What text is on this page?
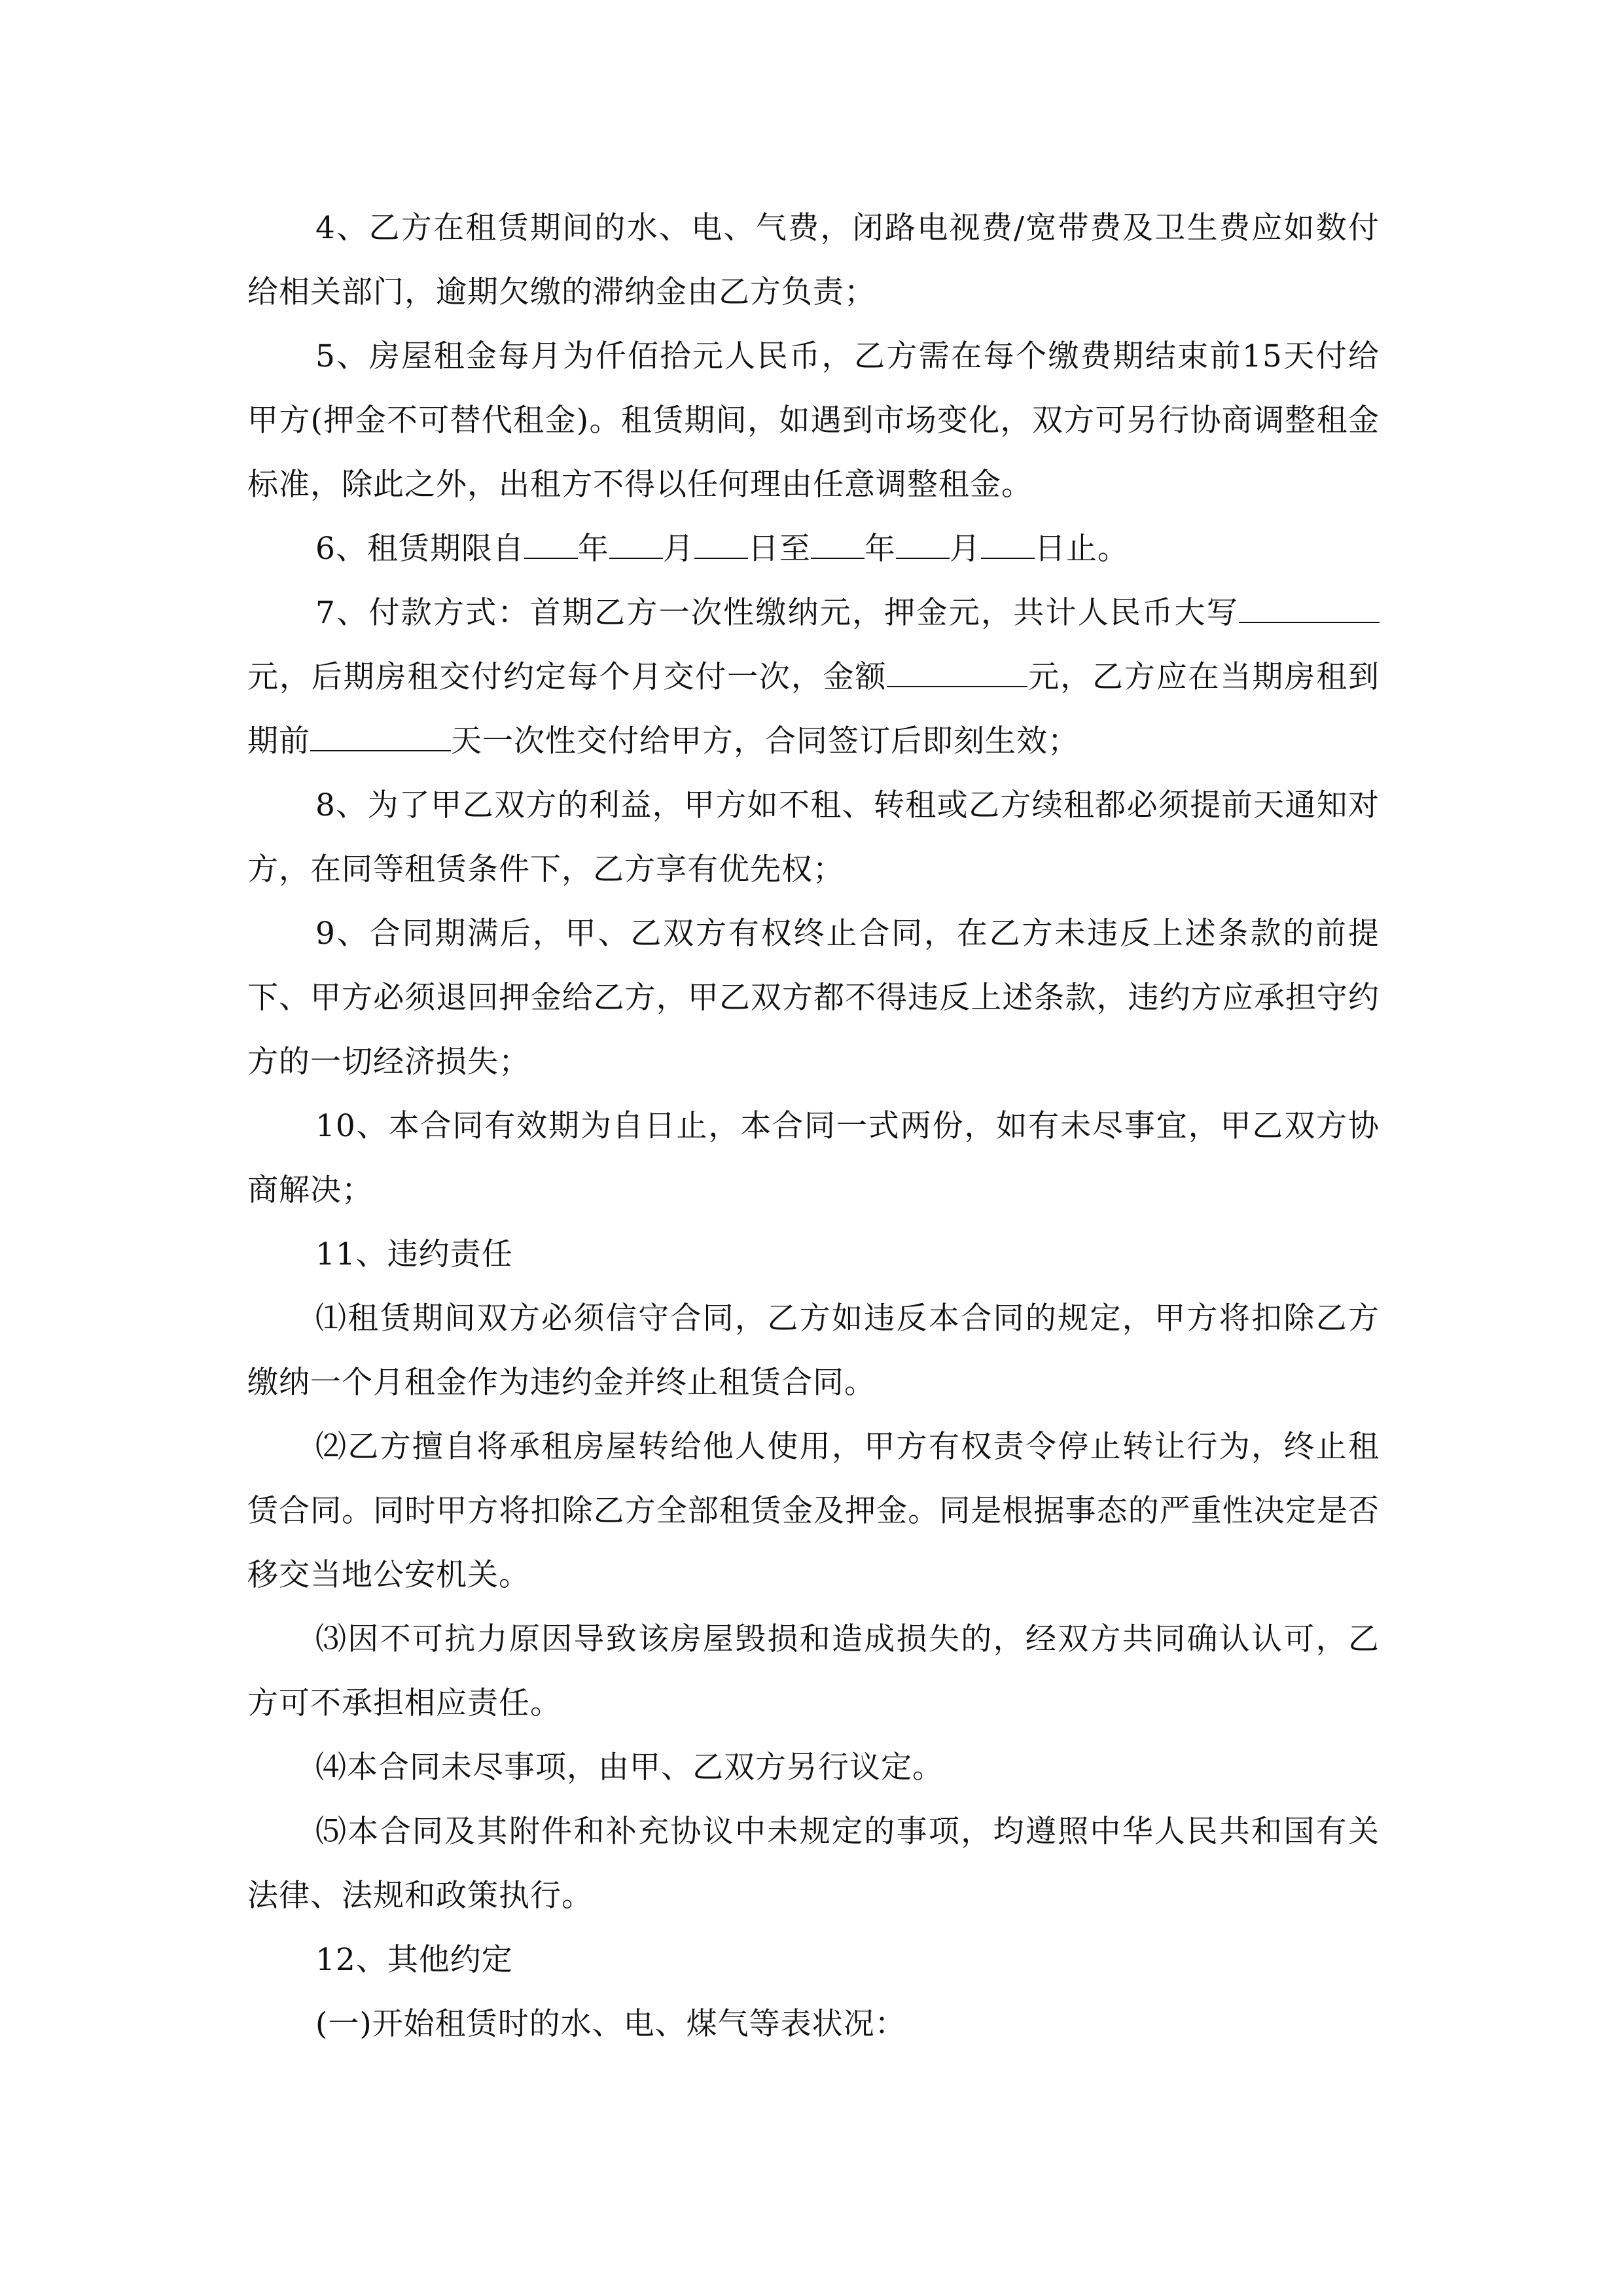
4、乙方在租赁期间的水、电、气费，闭路电视费/宽带费及卫生费应如数付给相关部门，逾期欠缴的滞纳金由乙方负责；

5、房屋租金每月为仟佰拾元人民币，乙方需在每个缴费期结束前15天付给甲方(押金不可替代租金)。租赁期间，如遇到市场变化，双方可另行协商调整租金标准，除此之外，出租方不得以任何理由任意调整租金。

6、租赁期限自 年 月 日至 年 月 日止。

7、付款方式：首期乙方一次性缴纳元，押金元，共计人民币大写元，后期房租交付约定每个月交付一次，金额	元，乙方应在当期房租到期前	天一次性交付给甲方，合同签订后即刻生效；

8、为了甲乙双方的利益，甲方如不租、转租或乙方续租都必须提前天通知对方，在同等租赁条件下，乙方享有优先权；

9、合同期满后，甲、乙双方有权终止合同，在乙方未违反上述条款的前提下、甲方必须退回押金给乙方，甲乙双方都不得违反上述条款，违约方应承担守约方的一切经济损失；

10、本合同有效期为自日止，本合同一式两份，如有未尽事宜，甲乙双方协商解决；

11、违约责任

⑴租赁期间双方必须信守合同，乙方如违反本合同的规定，甲方将扣除乙方缴纳一个月租金作为违约金并终止租赁合同。

⑵乙方擅自将承租房屋转给他人使用，甲方有权责令停止转让行为，终止租赁合同。同时甲方将扣除乙方全部租赁金及押金。同是根据事态的严重性决定是否移交当地公安机关。

⑶因不可抗力原因导致该房屋毁损和造成损失的，经双方共同确认认可，乙方可不承担相应责任。

⑷本合同未尽事项，由甲、乙双方另行议定。

⑸本合同及其附件和补充协议中未规定的事项，均遵照中华人民共和国有关法律、法规和政策执行。

12、其他约定

(一)开始租赁时的水、电、煤气等表状况：
